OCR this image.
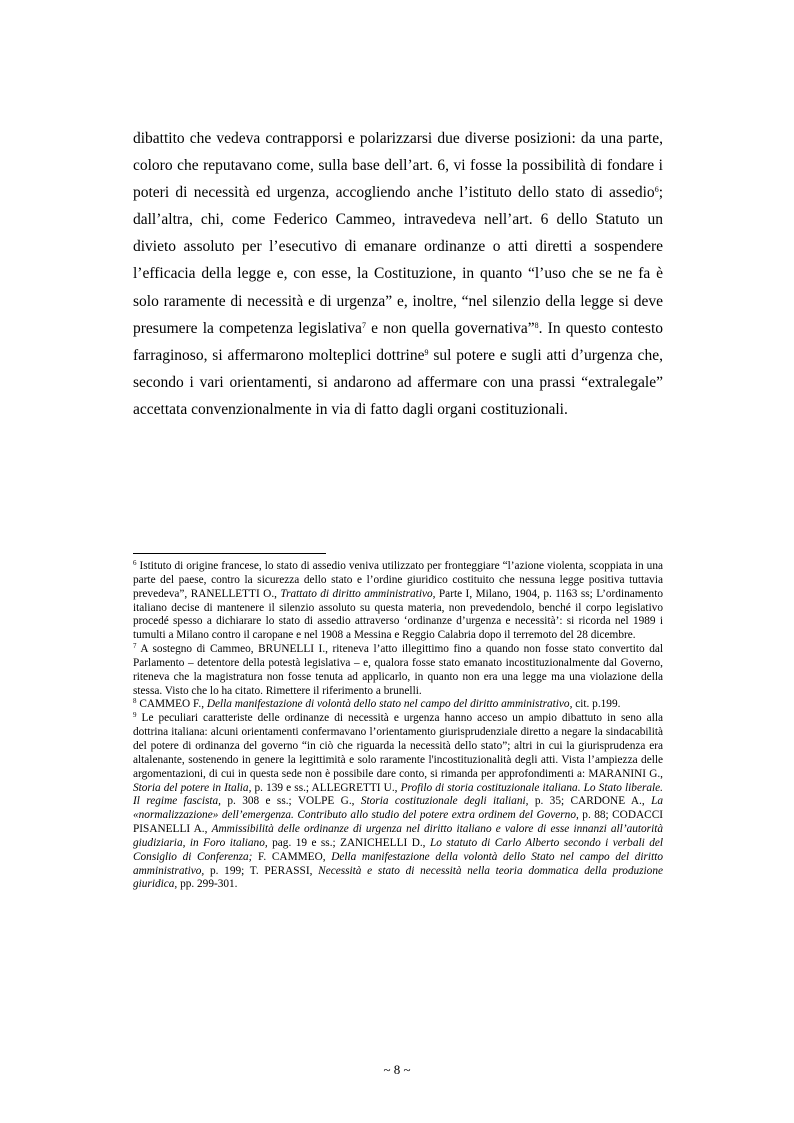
dibattito che vedeva contrapporsi e polarizzarsi due diverse posizioni: da una parte, coloro che reputavano come, sulla base dell’art. 6, vi fosse la possibilità di fondare i poteri di necessità ed urgenza, accogliendo anche l’istituto dello stato di assedio$^6$; dall’altra, chi, come Federico Cammeo, intravedeva nell’art. 6 dello Statuto un divieto assoluto per l’esecutivo di emanare ordinanze o atti diretti a sospendere l’efficacia della legge e, con esse, la Costituzione, in quanto “l’uso che se ne fa è solo raramente di necessità e di urgenza” e, inoltre, “nel silenzio della legge si deve presumere la competenza legislativa$^7$ e non quella governativa”$^8$. In questo contesto farraginoso, si affermarono molteplici dottrine$^9$ sul potere e sugli atti d’urgenza che, secondo i vari orientamenti, si andarono ad affermare con una prassi “extralegale” accettata convenzionalmente in via di fatto dagli organi costituzionali.

$^6$ Istituto di origine francese, lo stato di assedio veniva utilizzato per fronteggiare “l’azione violenta, scoppiata in una parte del paese, contro la sicurezza dello stato e l’ordine giuridico costituito che nessuna legge positiva tuttavia prevedeva”, RANELLETTI O., Trattato di diritto amministrativo, Parte I, Milano, 1904, p. 1163 ss; L’ordinamento italiano decise di mantenere il silenzio assoluto su questa materia, non prevedendolo, benché il corpo legislativo procedé spesso a dichiarare lo stato di assedio attraverso ‘ordinanze d’urgenza e necessità’: si ricorda nel 1989 i tumulti a Milano contro il caropane e nel 1908 a Messina e Reggio Calabria dopo il terremoto del 28 dicembre.

$^7$ A sostegno di Cammeo, BRUNELLI I., riteneva l’atto illegittimo fino a quando non fosse stato convertito dal Parlamento – detentore della potestà legislativa – e, qualora fosse stato emanato incostituzionalmente dal Governo, riteneva che la magistratura non fosse tenuta ad applicarlo, in quanto non era una legge ma una violazione della stessa. Visto che lo ha citato. Rimettere il riferimento a brunelli.

$^8$ CAMMEO F., Della manifestazione di volontà dello stato nel campo del diritto amministrativo, cit. p.199.

$^9$ Le peculiari caratteriste delle ordinanze di necessità e urgenza hanno acceso un ampio dibattuto in seno alla dottrina italiana: alcuni orientamenti confermavano l’orientamento giurisprudenziale diretto a negare la sindacabilità del potere di ordinanza del governo “in ciò che riguarda la necessità dello stato”; altri in cui la giurisprudenza era altalenante, sostenendo in genere la legittimità e solo raramente l'incostituzionalità degli atti. Vista l’ampiezza delle argomentazioni, di cui in questa sede non è possibile dare conto, si rimanda per approfondimenti a: MARANINI G., Storia del potere in Italia, p. 139 e ss.; ALLEGRETTI U., Profilo di storia costituzionale italiana. Lo Stato liberale. Il regime fascista, p. 308 e ss.; VOLPE G., Storia costituzionale degli italiani, p. 35; CARDONE A., La «normalizzazione» dell’emergenza. Contributo allo studio del potere extra ordinem del Governo, p. 88; CODACCI PISANELLI A., Ammissibilità delle ordinanze di urgenza nel diritto italiano e valore di esse innanzi all’autorità giudiziaria, in Foro italiano, pag. 19 e ss.; ZANICHELLI D., Lo statuto di Carlo Alberto secondo i verbali del Consiglio di Conferenza; F. CAMMEO, Della manifestazione della volontà dello Stato nel campo del diritto amministrativo, p. 199; T. PERASSI, Necessità e stato di necessità nella teoria dommatica della produzione giuridica, pp. 299-301.

~ 8 ~
